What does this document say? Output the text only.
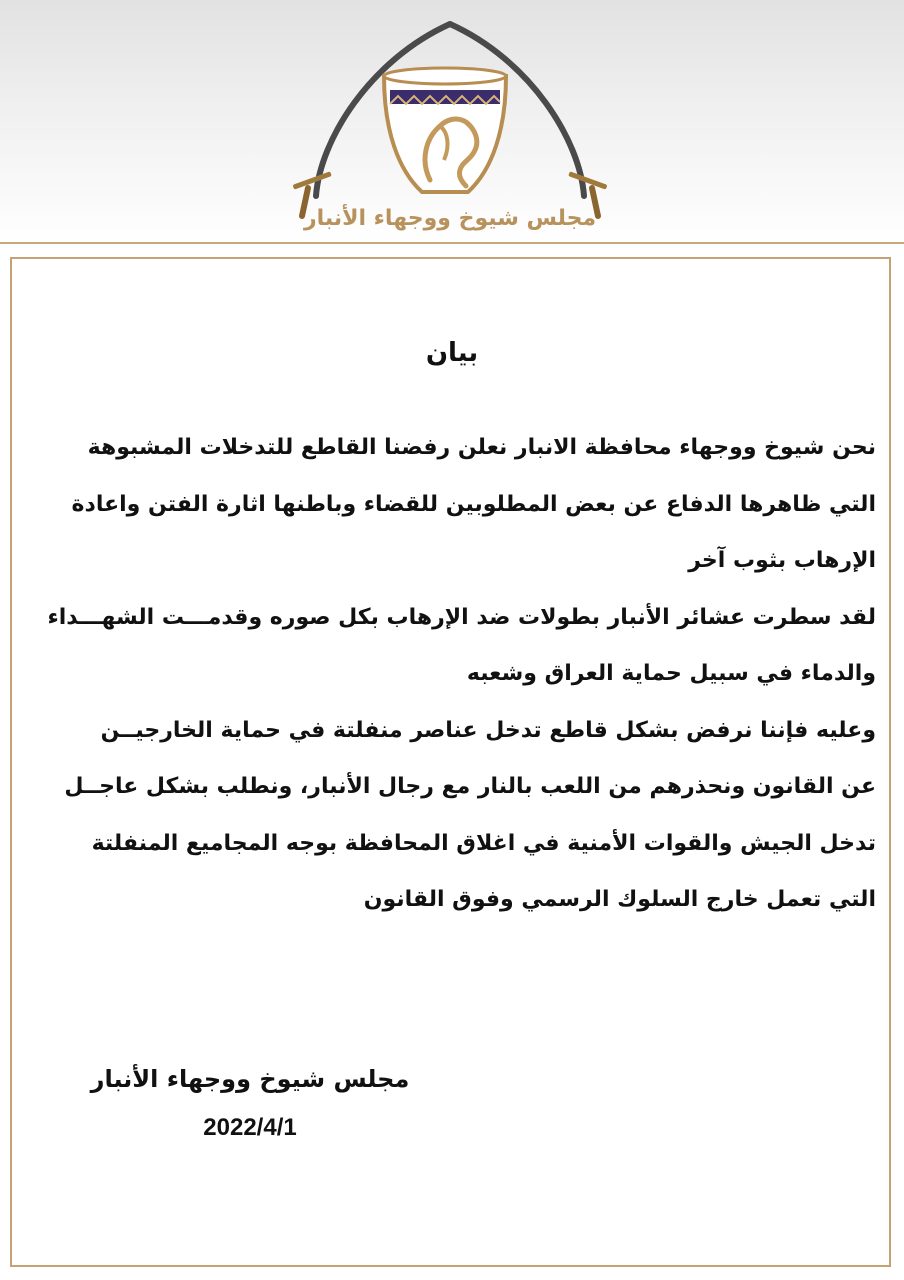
مجلس شيوخ ووجهاء الأنبار
بيان
نحن شيوخ ووجهاء محافظة الانبار نعلن رفضنا القاطع للتدخلات المشبوهة
التي ظاهرها الدفاع عن بعض المطلوبين للقضاء وباطنها اثارة الفتن واعادة
الإرهاب بثوب آخر
لقد سطرت عشائر الأنبار بطولات ضد الإرهاب بكل صوره وقدمـــت الشهـــداء
والدماء في سبيل حماية العراق وشعبه
وعليه فإننا نرفض بشكل قاطع تدخل عناصر منفلتة في حماية الخارجيــن
عن القانون ونحذرهم من اللعب بالنار مع رجال الأنبار، ونطلب بشكل عاجــل
تدخل الجيش والقوات الأمنية في اغلاق المحافظة بوجه المجاميع المنفلتة
التي تعمل خارج السلوك الرسمي وفوق القانون
مجلس شيوخ ووجهاء الأنبار
2022/4/1
